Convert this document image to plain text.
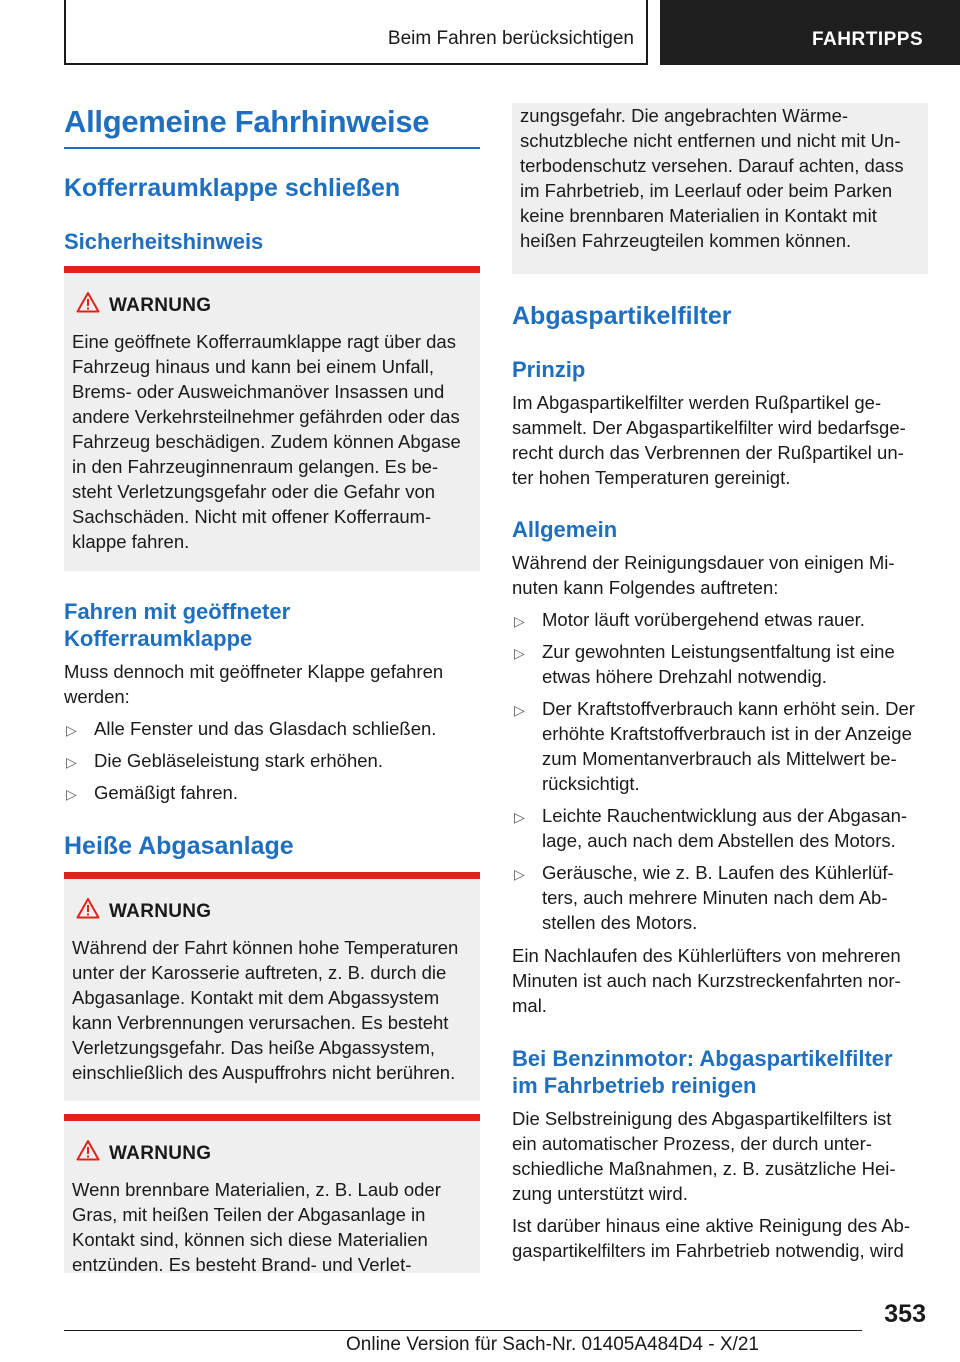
Beim Fahren berücksichtigen	FAHRTIPPS
Allgemeine Fahrhinweise
Kofferraumklappe schließen
Sicherheitshinweis
WARNUNG
Eine geöffnete Kofferraumklappe ragt über das
Fahrzeug hinaus und kann bei einem Unfall,
Brems- oder Ausweichmanöver Insassen und
andere Verkehrsteilnehmer gefährden oder das
Fahrzeug beschädigen. Zudem können Abgase
in den Fahrzeuginnenraum gelangen. Es be-
steht Verletzungsgefahr oder die Gefahr von
Sachschäden. Nicht mit offener Kofferraum-
klappe fahren.
Fahren mit geöffneter
Kofferraumklappe
Muss dennoch mit geöffneter Klappe gefahren
werden:
▷ Alle Fenster und das Glasdach schließen.
▷ Die Gebläseleistung stark erhöhen.
▷ Gemäßigt fahren.
Heiße Abgasanlage
WARNUNG
Während der Fahrt können hohe Temperaturen
unter der Karosserie auftreten, z. B. durch die
Abgasanlage. Kontakt mit dem Abgassystem
kann Verbrennungen verursachen. Es besteht
Verletzungsgefahr. Das heiße Abgassystem,
einschließlich des Auspuffrohrs nicht berühren.
WARNUNG
Wenn brennbare Materialien, z. B. Laub oder
Gras, mit heißen Teilen der Abgasanlage in
Kontakt sind, können sich diese Materialien
entzünden. Es besteht Brand- und Verlet-
zungsgefahr. Die angebrachten Wärme-
schutzbleche nicht entfernen und nicht mit Un-
terbodenschutz versehen. Darauf achten, dass
im Fahrbetrieb, im Leerlauf oder beim Parken
keine brennbaren Materialien in Kontakt mit
heißen Fahrzeugteilen kommen können.
Abgaspartikelfilter
Prinzip
Im Abgaspartikelfilter werden Rußpartikel ge-
sammelt. Der Abgaspartikelfilter wird bedarfsge-
recht durch das Verbrennen der Rußpartikel un-
ter hohen Temperaturen gereinigt.
Allgemein
Während der Reinigungsdauer von einigen Mi-
nuten kann Folgendes auftreten:
▷ Motor läuft vorübergehend etwas rauer.
▷ Zur gewohnten Leistungsentfaltung ist eine
etwas höhere Drehzahl notwendig.
▷ Der Kraftstoffverbrauch kann erhöht sein. Der
erhöhte Kraftstoffverbrauch ist in der Anzeige
zum Momentanverbrauch als Mittelwert be-
rücksichtigt.
▷ Leichte Rauchentwicklung aus der Abgasan-
lage, auch nach dem Abstellen des Motors.
▷ Geräusche, wie z. B. Laufen des Kühlerlüf-
ters, auch mehrere Minuten nach dem Ab-
stellen des Motors.
Ein Nachlaufen des Kühlerlüfters von mehreren
Minuten ist auch nach Kurzstreckenfahrten nor-
mal.
Bei Benzinmotor: Abgaspartikelfilter
im Fahrbetrieb reinigen
Die Selbstreinigung des Abgaspartikelfilters ist
ein automatischer Prozess, der durch unter-
schiedliche Maßnahmen, z. B. zusätzliche Hei-
zung unterstützt wird.
Ist darüber hinaus eine aktive Reinigung des Ab-
gaspartikelfilters im Fahrbetrieb notwendig, wird
353
Online Version für Sach-Nr. 01405A484D4 - X/21
